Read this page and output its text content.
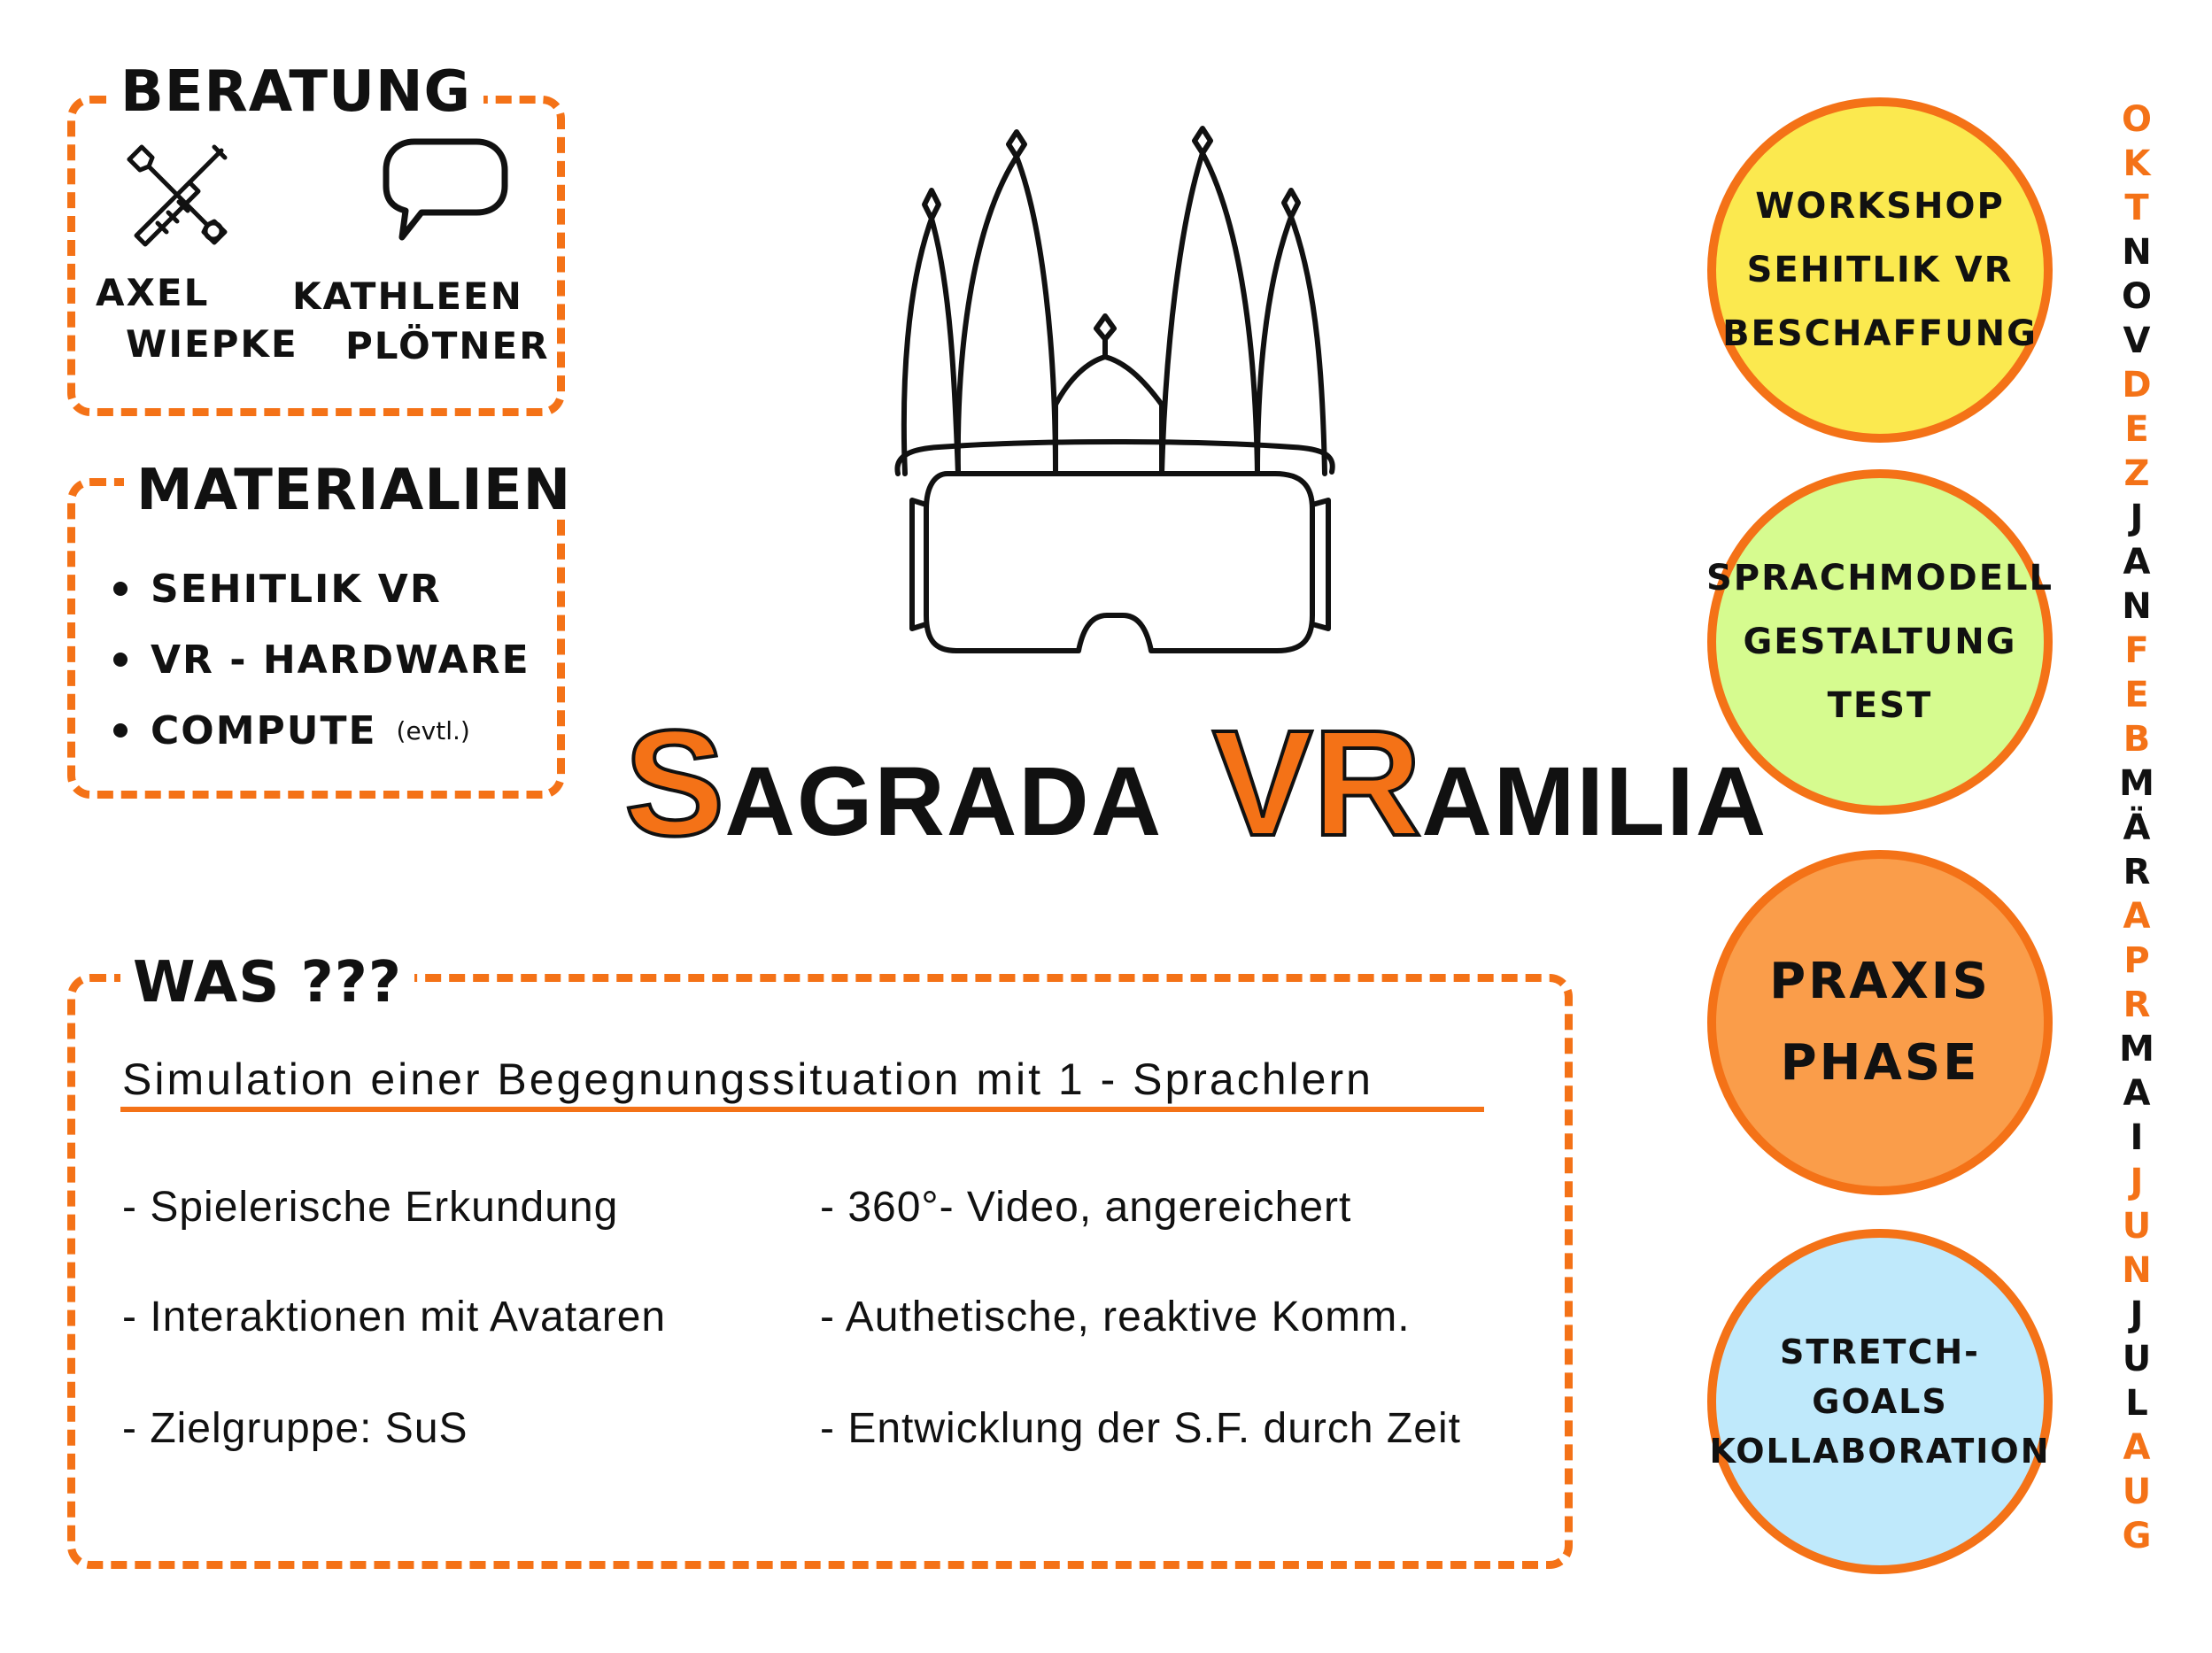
BERATUNG
AXEL
WIEPKE
KATHLEEN
PLÖTNER
MATERIALIEN
SEHITLIK VR
VR - HARDWARE
COMPUTE (evtl.) SAGRADA VRAMILIA
WAS ???
Simulation einer Begegnungssituation mit 1 - Sprachlern
- Spielerische Erkundung
- Interaktionen mit Avataren
- Zielgruppe: SuS
- 360°- Video, angereichert
- Authetische, reaktive Komm.
- Entwicklung der S.F. durch Zeit
WORKSHOP
SEHITLIK VR
BESCHAFFUNG
SPRACHMODELL
GESTALTUNG
TEST
PRAXIS
PHASE
STRETCH-
GOALS
KOLLABORATION
O
K
T
N
O
V
D
E
Z
J
A
N
F
E
B
M
Ä
R
A
P
R
M
A
I
J
U
N
J
U
L
A
U
G
